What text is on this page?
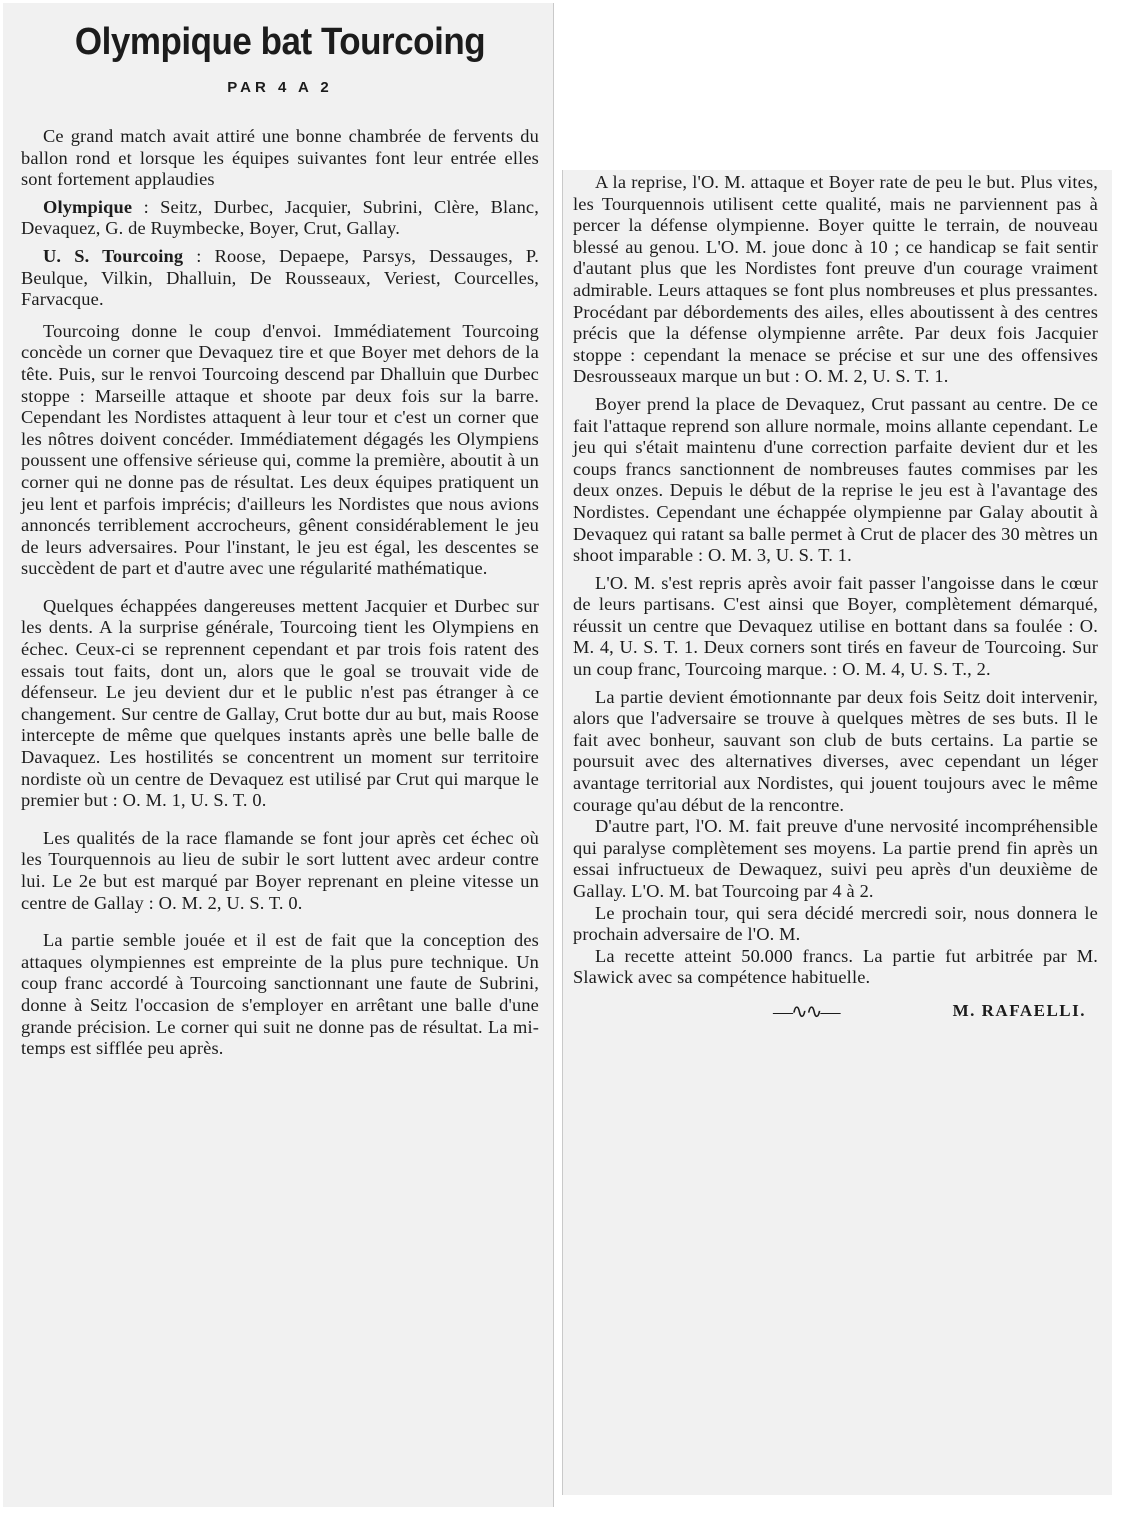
Olympique bat Tourcoing
PAR 4 A 2

Ce grand match avait attiré une bonne chambrée de fervents du ballon rond et lorsque les équipes suivantes font leur entrée elles sont fortement applaudies

Olympique : Seitz, Durbec, Jacquier, Subrini, Clère, Blanc, Devaquez, G. de Ruymbecke, Boyer, Crut, Gallay.

U. S. Tourcoing : Roose, Depaepe, Parsys, Dessauges, P. Beulque, Vilkin, Dhalluin, De Rousseaux, Veriest, Courcelles, Farvacque.

Tourcoing donne le coup d'envoi. Immédiatement Tourcoing concède un corner que Devaquez tire et que Boyer met dehors de la tête. Puis, sur le renvoi Tourcoing descend par Dhalluin que Durbec stoppe : Marseille attaque et shoote par deux fois sur la barre. Cependant les Nordistes attaquent à leur tour et c'est un corner que les nôtres doivent concéder. Immédiatement dégagés les Olympiens poussent une offensive sérieuse qui, comme la première, aboutit à un corner qui ne donne pas de résultat. Les deux équipes pratiquent un jeu lent et parfois imprécis; d'ailleurs les Nordistes que nous avions annoncés terriblement accrocheurs, gênent considérablement le jeu de leurs adversaires. Pour l'instant, le jeu est égal, les descentes se succèdent de part et d'autre avec une régularité mathématique.

Quelques échappées dangereuses mettent Jacquier et Durbec sur les dents. A la surprise générale, Tourcoing tient les Olympiens en échec. Ceux-ci se reprennent cependant et par trois fois ratent des essais tout faits, dont un, alors que le goal se trouvait vide de défenseur. Le jeu devient dur et le public n'est pas étranger à ce changement. Sur centre de Gallay, Crut botte dur au but, mais Roose intercepte de même que quelques instants après une belle balle de Davaquez. Les hostilités se concentrent un moment sur territoire nordiste où un centre de Devaquez est utilisé par Crut qui marque le premier but : O. M. 1, U. S. T. 0.

Les qualités de la race flamande se font jour après cet échec où les Tourquennois au lieu de subir le sort luttent avec ardeur contre lui. Le 2e but est marqué par Boyer reprenant en pleine vitesse un centre de Gallay : O. M. 2, U. S. T. 0.

La partie semble jouée et il est de fait que la conception des attaques olympiennes est empreinte de la plus pure technique. Un coup franc accordé à Tourcoing sanctionnant une faute de Subrini, donne à Seitz l'occasion de s'employer en arrêtant une balle d'une grande précision. Le corner qui suit ne donne pas de résultat. La mi-temps est sifflée peu après.

A la reprise, l'O. M. attaque et Boyer rate de peu le but. Plus vites, les Tourquennois utilisent cette qualité, mais ne parviennent pas à percer la défense olympienne. Boyer quitte le terrain, de nouveau blessé au genou. L'O. M. joue donc à 10 ; ce handicap se fait sentir d'autant plus que les Nordistes font preuve d'un courage vraiment admirable. Leurs attaques se font plus nombreuses et plus pressantes. Procédant par débordements des ailes, elles aboutissent à des centres précis que la défense olympienne arrête. Par deux fois Jacquier stoppe : cependant la menace se précise et sur une des offensives Desrousseaux marque un but : O. M. 2, U. S. T. 1.

Boyer prend la place de Devaquez, Crut passant au centre. De ce fait l'attaque reprend son allure normale, moins allante cependant. Le jeu qui s'était maintenu d'une correction parfaite devient dur et les coups francs sanctionnent de nombreuses fautes commises par les deux onzes. Depuis le début de la reprise le jeu est à l'avantage des Nordistes. Cependant une échappée olympienne par Galay aboutit à Devaquez qui ratant sa balle permet à Crut de placer des 30 mètres un shoot imparable : O. M. 3, U. S. T. 1.

L'O. M. s'est repris après avoir fait passer l'angoisse dans le cœur de leurs partisans. C'est ainsi que Boyer, complètement démarqué, réussit un centre que Devaquez utilise en bottant dans sa foulée : O. M. 4, U. S. T. 1. Deux corners sont tirés en faveur de Tourcoing. Sur un coup franc, Tourcoing marque. : O. M. 4, U. S. T., 2.

La partie devient émotionnante par deux fois Seitz doit intervenir, alors que l'adversaire se trouve à quelques mètres de ses buts. Il le fait avec bonheur, sauvant son club de buts certains. La partie se poursuit avec des alternatives diverses, avec cependant un léger avantage territorial aux Nordistes, qui jouent toujours avec le même courage qu'au début de la rencontre.

D'autre part, l'O. M. fait preuve d'une nervosité incompréhensible qui paralyse complètement ses moyens. La partie prend fin après un essai infructueux de Dewaquez, suivi peu après d'un deuxième de Gallay. L'O. M. bat Tourcoing par 4 à 2.

Le prochain tour, qui sera décidé mercredi soir, nous donnera le prochain adversaire de l'O. M.

La recette atteint 50.000 francs. La partie fut arbitrée par M. Slawick avec sa compétence habituelle.

—∿∿—	M. RAFAELLI.
